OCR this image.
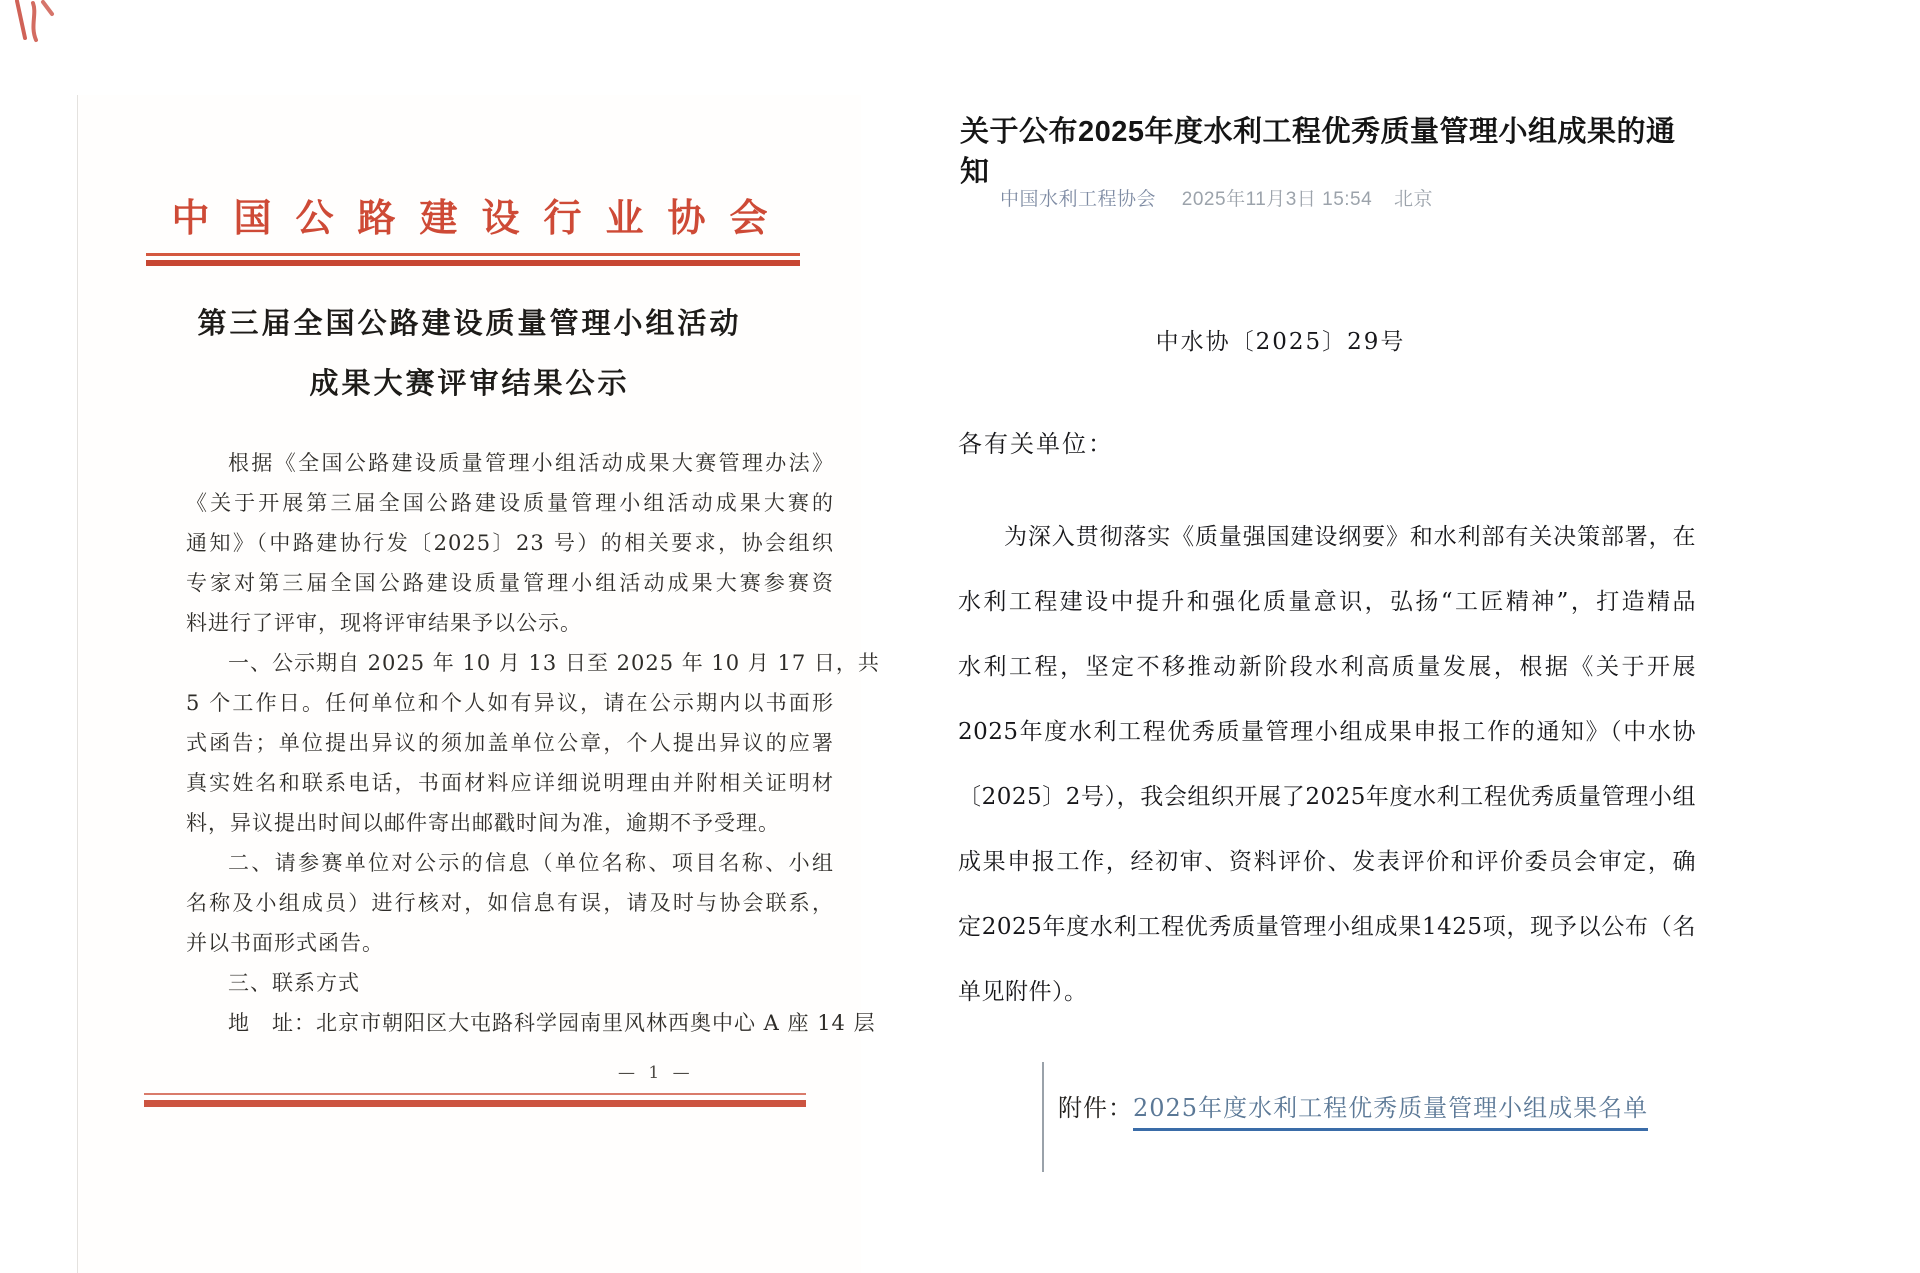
中国公路建设行业协会
第三届全国公路建设质量管理小组活动
成果大赛评审结果公示
根据《全国公路建设质量管理小组活动成果大赛管理办法》
《关于开展第三届全国公路建设质量管理小组活动成果大赛的
通知》（中路建协行发〔2025〕23 号）的相关要求，协会组织
专家对第三届全国公路建设质量管理小组活动成果大赛参赛资
料进行了评审，现将评审结果予以公示。
一、公示期自 2025 年 10 月 13 日至 2025 年 10 月 17 日，共
5 个工作日。任何单位和个人如有异议，请在公示期内以书面形
式函告；单位提出异议的须加盖单位公章，个人提出异议的应署
真实姓名和联系电话，书面材料应详细说明理由并附相关证明材
料，异议提出时间以邮件寄出邮戳时间为准，逾期不予受理。
二、请参赛单位对公示的信息（单位名称、项目名称、小组
名称及小组成员）进行核对，如信息有误，请及时与协会联系，
并以书面形式函告。
三、联系方式
地　址：北京市朝阳区大屯路科学园南里风林西奥中心 A 座 14 层
— 1 —
关于公布2025年度水利工程优秀质量管理小组成果的通知
中国水利工程协会 2025年11月3日 15:54 北京
中水协〔2025〕29号
各有关单位：
为深入贯彻落实《质量强国建设纲要》和水利部有关决策部署，在
水利工程建设中提升和强化质量意识，弘扬“工匠精神”，打造精品
水利工程，坚定不移推动新阶段水利高质量发展，根据《关于开展
2025年度水利工程优秀质量管理小组成果申报工作的通知》（中水协
〔2025〕2号），我会组织开展了2025年度水利工程优秀质量管理小组
成果申报工作，经初审、资料评价、发表评价和评价委员会审定，确
定2025年度水利工程优秀质量管理小组成果1425项，现予以公布（名
单见附件）。
附件：2025年度水利工程优秀质量管理小组成果名单
